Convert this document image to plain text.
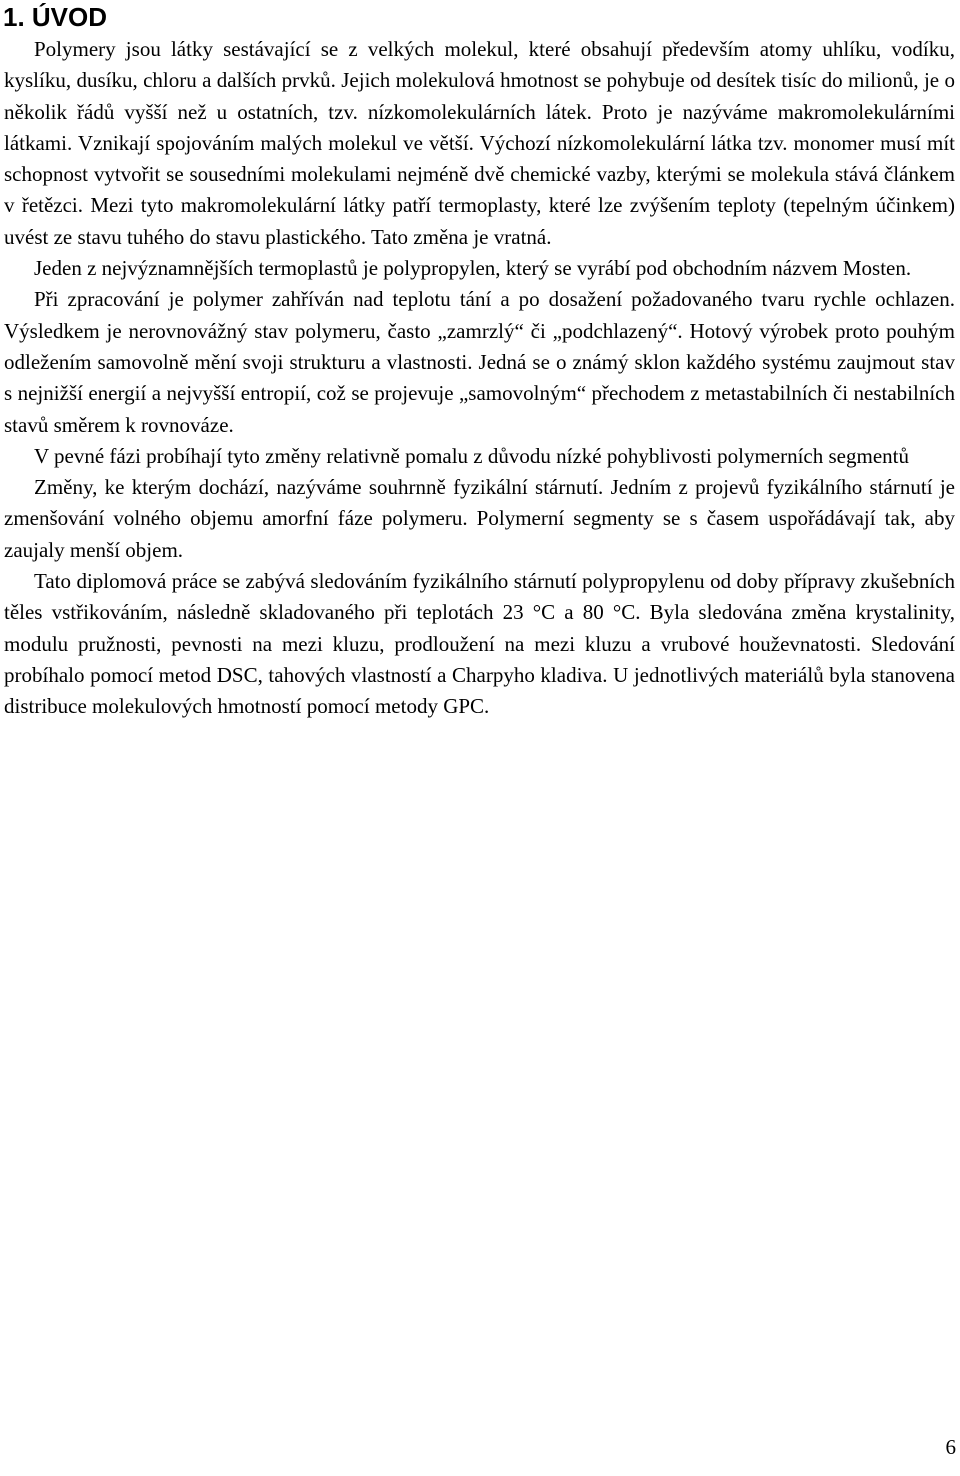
1. ÚVOD

Polymery jsou látky sestávající se z velkých molekul, které obsahují především atomy uhlíku, vodíku, kyslíku, dusíku, chloru a dalších prvků. Jejich molekulová hmotnost se pohybuje od desítek tisíc do milionů, je o několik řádů vyšší než u ostatních, tzv. nízkomolekulárních látek. Proto je nazýváme makromolekulárními látkami. Vznikají spojováním malých molekul ve větší. Výchozí nízkomolekulární látka tzv. monomer musí mít schopnost vytvořit se sousedními molekulami nejméně dvě chemické vazby, kterými se molekula stává článkem v řetězci. Mezi tyto makromolekulární látky patří termoplasty, které lze zvýšením teploty (tepelným účinkem) uvést ze stavu tuhého do stavu plastického. Tato změna je vratná.

Jeden z nejvýznamnějších termoplastů je polypropylen, který se vyrábí pod obchodním názvem Mosten.

Při zpracování je polymer zahříván nad teplotu tání a po dosažení požadovaného tvaru rychle ochlazen. Výsledkem je nerovnovážný stav polymeru, často „zamrzlý“ či „podchlazený“. Hotový výrobek proto pouhým odležením samovolně mění svoji strukturu a vlastnosti. Jedná se o známý sklon každého systému zaujmout stav s nejnižší energií a nejvyšší entropií, což se projevuje „samovolným“ přechodem z metastabilních či nestabilních stavů směrem k rovnováze.

V pevné fázi probíhají tyto změny relativně pomalu z důvodu nízké pohyblivosti polymerních segmentů

Změny, ke kterým dochází, nazýváme souhrnně fyzikální stárnutí. Jedním z projevů fyzikálního stárnutí je zmenšování volného objemu amorfní fáze polymeru. Polymerní segmenty se s časem uspořádávají tak, aby zaujaly menší objem.

Tato diplomová práce se zabývá sledováním fyzikálního stárnutí polypropylenu od doby přípravy zkušebních těles vstřikováním, následně skladovaného při teplotách 23 °C a 80 °C. Byla sledována změna krystalinity, modulu pružnosti, pevnosti na mezi kluzu, prodloužení na mezi kluzu a vrubové houževnatosti. Sledování probíhalo pomocí metod DSC, tahových vlastností a Charpyho kladiva. U jednotlivých materiálů byla stanovena distribuce molekulových hmotností pomocí metody GPC.

6
